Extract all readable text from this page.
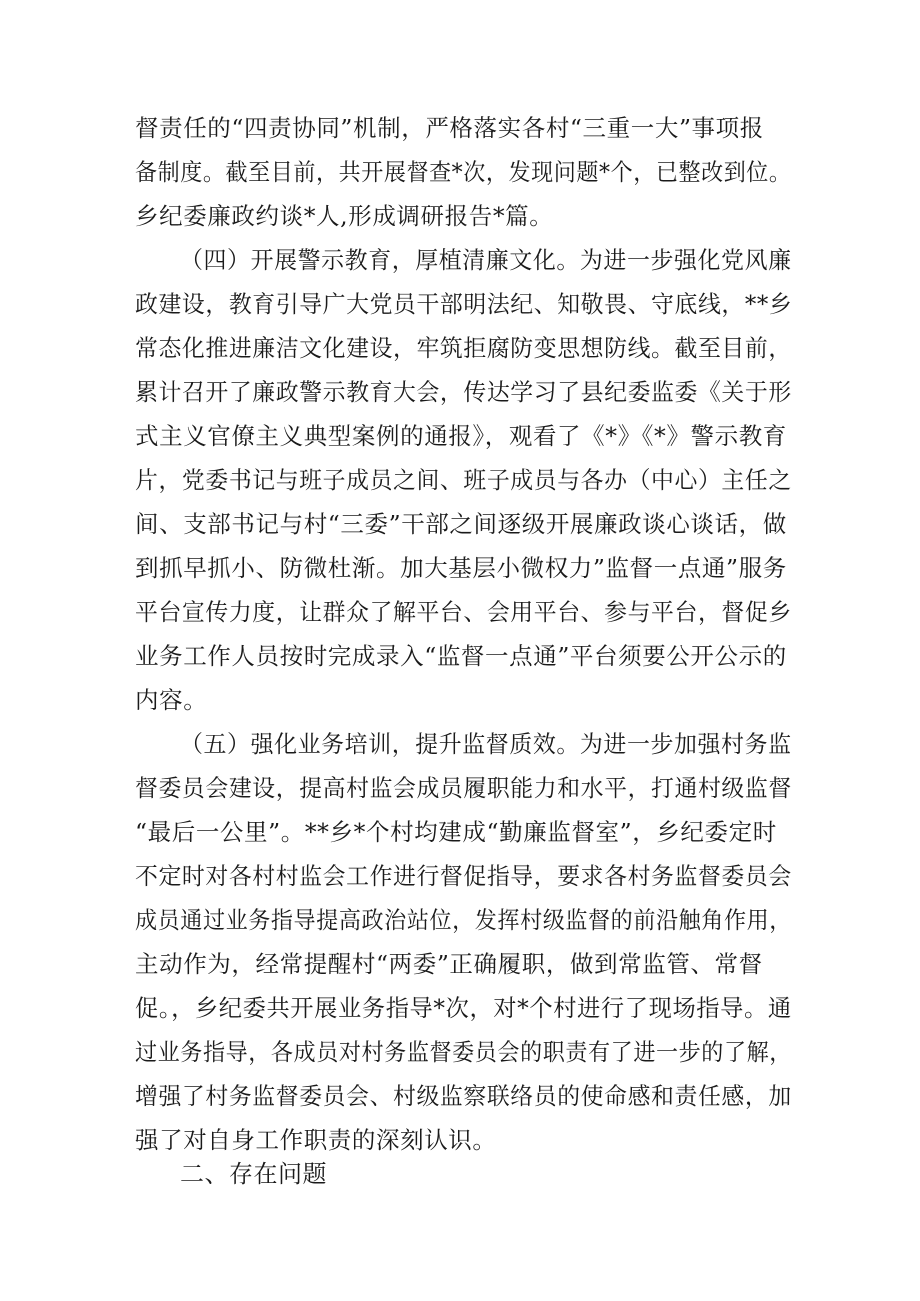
督责任的“四责协同”机制，严格落实各村“三重一大”事项报
备制度。截至目前，共开展督查*次，发现问题*个，已整改到位。
乡纪委廉政约谈*人,形成调研报告*篇。
（四）开展警示教育，厚植清廉文化。为进一步强化党风廉
政建设，教育引导广大党员干部明法纪、知敬畏、守底线，**乡
常态化推进廉洁文化建设，牢筑拒腐防变思想防线。截至目前，
累计召开了廉政警示教育大会，传达学习了县纪委监委《关于形
式主义官僚主义典型案例的通报》，观看了《*》《*》警示教育
片，党委书记与班子成员之间、班子成员与各办（中心）主任之
间、支部书记与村“三委”干部之间逐级开展廉政谈心谈话，做
到抓早抓小、防微杜渐。加大基层小微权力”监督一点通”服务
平台宣传力度，让群众了解平台、会用平台、参与平台，督促乡
业务工作人员按时完成录入“监督一点通”平台须要公开公示的
内容。
（五）强化业务培训，提升监督质效。为进一步加强村务监
督委员会建设，提高村监会成员履职能力和水平，打通村级监督
“最后一公里”。**乡*个村均建成“勤廉监督室”，乡纪委定时
不定时对各村村监会工作进行督促指导，要求各村务监督委员会
成员通过业务指导提高政治站位，发挥村级监督的前沿触角作用，
主动作为，经常提醒村“两委”正确履职，做到常监管、常督
促。，乡纪委共开展业务指导*次，对*个村进行了现场指导。通
过业务指导，各成员对村务监督委员会的职责有了进一步的了解，
增强了村务监督委员会、村级监察联络员的使命感和责任感，加
强了对自身工作职责的深刻认识。
二、存在问题
